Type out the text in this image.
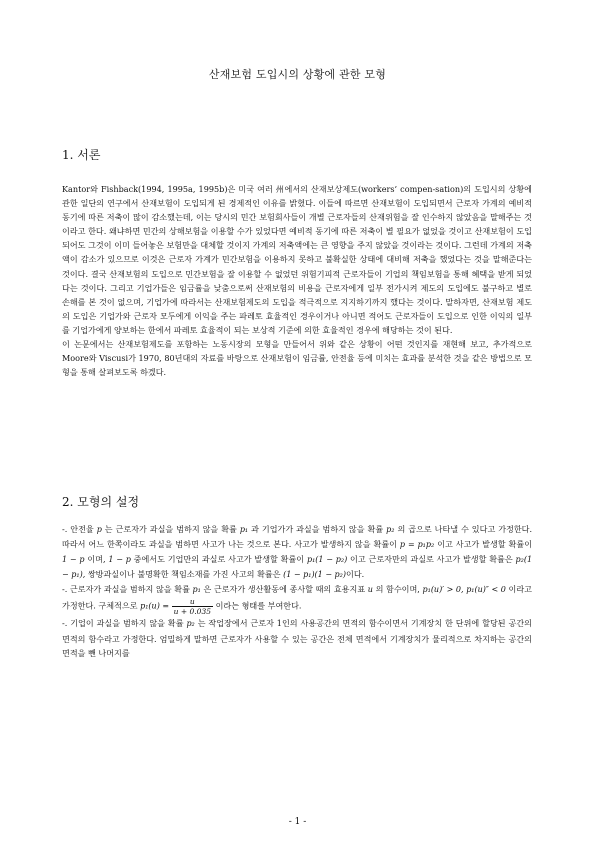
산재보험 도입시의 상황에 관한 모형
1. 서론

Kantor와 Fishback(1994, 1995a, 1995b)은 미국 여러 州에서의 산재보상제도(workers’ compen-sation)의 도입시의 상황에 관한 일단의 연구에서 산재보험이 도입되게 된 경제적인 이유를 밝혔다. 이들에 따르면 산재보험이 도입되면서 근로자 가계의 예비적 동기에 따른 저축이 많이 감소했는데, 이는 당시의 민간 보험회사들이 개별 근로자들의 산재위험을 잘 인수하지 않았음을 말해주는 것이라고 한다. 왜냐하면 민간의 상해보험을 이용할 수가 있었다면 예비적 동기에 따른 저축이 별 필요가 없었을 것이고 산재보험이 도입되어도 그것이 이미 들어놓은 보험만을 대체할 것이지 가계의 저축액에는 큰 영향을 주지 않았을 것이라는 것이다. 그런데 가계의 저축액이 감소가 있으므로 이것은 근로자 가계가 민간보험을 이용하지 못하고 불확실한 상태에 대비해 저축을 했었다는 것을 말해준다는 것이다. 결국 산재보험의 도입으로 민간보험을 잘 이용할 수 없었던 위험기피적 근로자들이 기업의 책임보험을 통해 혜택을 받게 되었다는 것이다. 그리고 기업가들은 임금률을 낮춤으로써 산재보험의 비용을 근로자에게 일부 전가시켜 제도의 도입에도 불구하고 별로 손해를 본 것이 없으며, 기업가에 따라서는 산재보험제도의 도입을 적극적으로 지지하기까지 했다는 것이다. 말하자면, 산재보험 제도의 도입은 기업가와 근로자 모두에게 이익을 주는 파레토 효율적인 경우이거나 아니면 적어도 근로자들이 도입으로 인한 이익의 일부를 기업가에게 양보하는 한에서 파레토 효율적이 되는 보상적 기준에 의한 효율적인 경우에 해당하는 것이 된다.

이 논문에서는 산재보험제도를 포함하는 노동시장의 모형을 만들어서 위와 같은 상황이 어떤 것인지를 재현해 보고, 추가적으로 Moore와 Viscusi가 1970, 80년대의 자료를 바탕으로 산재보험이 임금률, 안전율 등에 미치는 효과를 분석한 것을 같은 방법으로 모형을 통해 살펴보도록 하겠다.

2. 모형의 설정

-. 안전율 p 는 근로자가 과실을 범하지 않을 확률 p₁ 과 기업가가 과실을 범하지 않을 확률 p₂ 의 곱으로 나타낼 수 있다고 가정한다. 따라서 어느 한쪽이라도 과실을 범하면 사고가 나는 것으로 본다. 사고가 발생하지 않을 확률이 p = p₁p₂ 이고 사고가 발생할 확률이 1 − p 이며, 1 − p 중에서도 기업만의 과실로 사고가 발생할 확률이 p₁(1 − p₂) 이고 근로자만의 과실로 사고가 발생할 확률은 p₂(1 − p₁), 쌍방과실이나 불명확한 책임소재를 가진 사고의 확률은 (1 − p₁)(1 − p₂)이다.

-. 근로자가 과실을 범하지 않을 확률 p₁ 은 근로자가 생산활동에 종사할 때의 효용지표 u 의 함수이며, p₁(u)′ > 0, p₁(u)″ < 0 이라고 가정한다. 구체적으로 $p_1(u) = \frac{u}{u + 0.035}$ 이라는 형태를 부여한다.

-. 기업이 과실을 범하지 않을 확률 p₂ 는 작업장에서 근로자 1인의 사용공간의 면적의 함수이면서 기계장치 한 단위에 할당된 공간의 면적의 함수라고 가정한다. 엄밀하게 말하면 근로자가 사용할 수 있는 공간은 전체 면적에서 기계장치가 물리적으로 차지하는 공간의 면적을 뺀 나머지를

- 1 -
